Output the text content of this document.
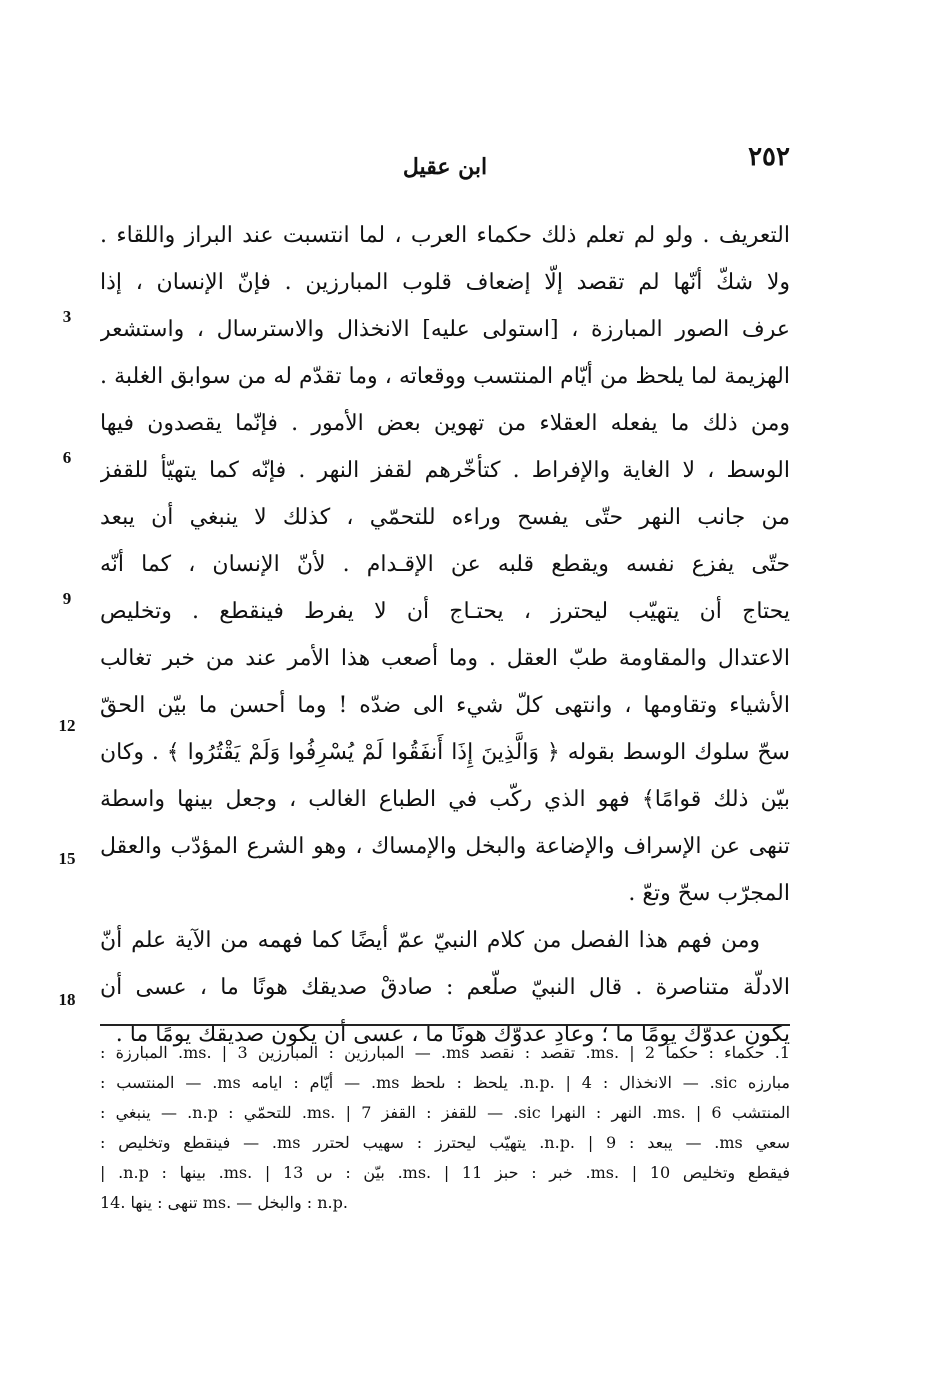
٢٥٢
ابن عقيل
3
6
9
12
15
18
التعريف . ولو لم تعلم ذلك حكماء العرب ، لما انتسبت عند البراز واللقاء .
ولا شكّ أنّها لم تقصد إلّا إضعاف قلوب المبارزين . فإنّ الإنسان ، إذا
عرف الصور المبارزة ، [استولى عليه] الانخذال والاسترسال ، واستشعر
الهزيمة لما يلحظ من أيّام المنتسب ووقعاته ، وما تقدّم له من سوابق الغلبة .
ومن ذلك ما يفعله العقلاء من تهوين بعض الأمور . فإنّما يقصدون فيها
الوسط ، لا الغاية والإفراط . كتأخّرهم لقفز النهر . فإنّه كما يتهيّأ للقفز
من جانب النهر حتّى يفسح وراءه للتحمّي ، كذلك لا ينبغي أن يبعد
حتّى يفزع نفسه ويقطع قلبه عن الإقـدام . لأنّ الإنسان ، كما أنّه
يحتاج أن يتهيّب ليحترز ، يحتـاج أن لا يفرط فينقطع . وتخليص
الاعتدال والمقاومة طبّ العقل . وما أصعب هذا الأمر عند من خبر تغالب
الأشياء وتقاومها ، وانتهى كلّ شيء الى ضدّه ! وما أحسن ما بيّن الحقّ
سحّ سلوك الوسط بقوله ﴿ وَالَّذِينَ إِذَا أَنفَقُوا لَمْ يُسْرِفُوا وَلَمْ يَقْتُرُوا ﴾ . وكان
بيّن ذلك قوامًا﴾ فهو الذي ركّب في الطباع الغالب ، وجعل بينها واسطة
تنهى عن الإسراف والإضاعة والبخل والإمساك ، وهو الشرع المؤدّب والعقل
المجرّب سحّ وتعّ .
ومن فهم هذا الفصل من كلام النبيّ عمّ أيضًا كما فهمه من الآية علم أنّ
الادلّة متناصرة . قال النبيّ صلّعم : صادقْ صديقك هونًا ما ، عسى أن
يكون عدوّك يومًا ما ؛ وعادِ عدوّك هونًا ما ، عسى أن يكون صديقك يومًا ما .
1. حكماء : حكمآ ms. | 2. تقصد : نقصد ms. — المبارزين : المبارزين ms. | 3. المبارزة :
مبارزه sic. — الانخذال : n.p. | 4. يلحظ : ىلحظ ms. — أيّام : ايامه ms. — المنتسب :
المنتشب ms. | 6. النهر : النهرا sic. — للقفز : القفز ms. | 7. للتحمّي : n.p. — ينبغي :
سعي ms. — يبعد : n.p. | 9. يتهيّب ليحترز : سهيب لحترر ms. — فينقطع وتخليص :
فيقطع وتخليص ms. | 10. خبر : حبز ms. | 11. بيّن : ىں ms. | 13. بينها : n.p. |
14. تنهى : ينها ms. — والبخل : n.p.
